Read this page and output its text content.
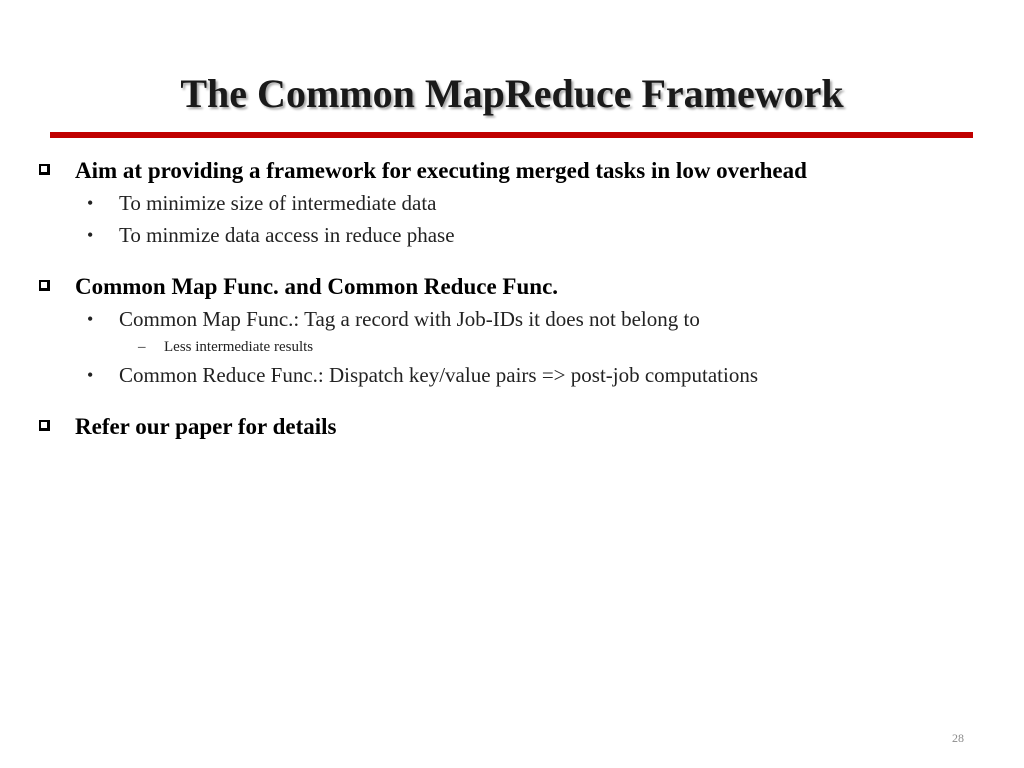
The Common MapReduce Framework

Aim at providing a framework for executing merged tasks in low overhead

• To minimize size of intermediate data

• To minmize data access in reduce phase

Common Map Func. and Common Reduce Func.

• Common Map Func.: Tag a record with Job-IDs it does not belong to

– Less intermediate results

• Common Reduce Func.: Dispatch key/value pairs => post-job computations

Refer our paper for details

28
